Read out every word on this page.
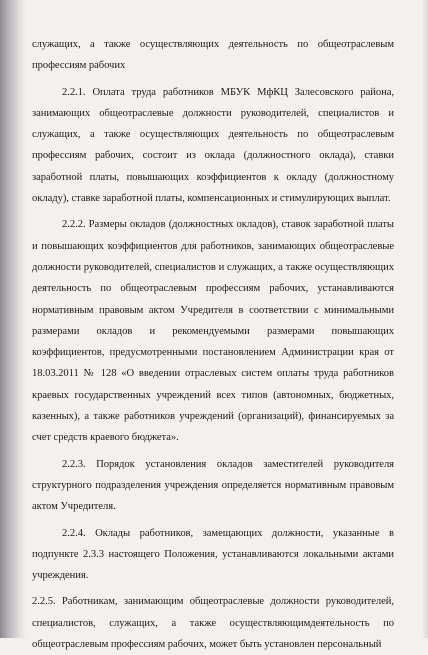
служащих, а также осуществляющих деятельность по общеотраслевым профессиям рабочих

2.2.1. Оплата труда работников МБУК МфКЦ Залесовского района, занимающих общеотраслевые должности руководителей, специалистов и служащих, а также осуществляющих деятельность по общеотраслевым профессиям рабочих, состоит из оклада (должностного оклада), ставки заработной платы, повышающих коэффициентов к окладу (должностному окладу), ставке заработной платы, компенсационных и стимулирующих выплат.

2.2.2. Размеры окладов (должностных окладов), ставок заработной платы и повышающих коэффициентов для работников, занимающих общеотраслевые должности руководителей, специалистов и служащих, а также осуществляющих деятельность по общеотраслевым профессиям рабочих, устанавливаются нормативным правовым актом Учредителя в соответствии с минимальными размерами окладов и рекомендуемыми размерами повышающих коэффициентов, предусмотренными постановлением Администрации края от 18.03.2011 № 128 «О введении отраслевых систем оплаты труда работников краевых государственных учреждений всех типов (автономных, бюджетных, казенных), а также работников учреждений (организаций), финансируемых за счет средств краевого бюджета».

2.2.3. Порядок установления окладов заместителей руководителя структурного подразделения учреждения определяется нормативным правовым актом Учредителя.

2.2.4. Оклады работников, замещающих должности, указанные в подпункте 2.3.3 настоящего Положения, устанавливаются локальными актами учреждения.

2.2.5. Работникам, занимающим общеотраслевые должности руководителей, специалистов, служащих, а также осуществляющимдеятельность по общеотраслевым профессиям рабочих, может быть установлен персональный
